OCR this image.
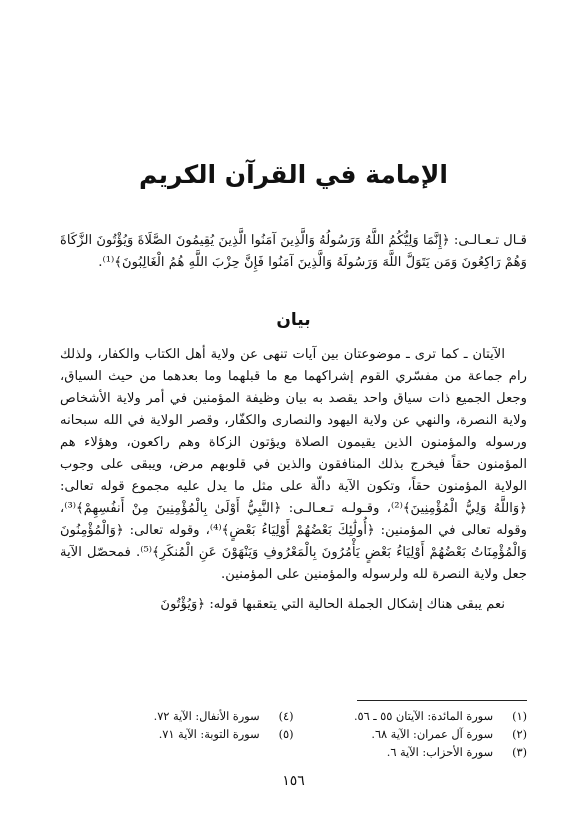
الإمامة في القرآن الكريم
قـال تـعـالـى: ﴿إِنَّمَا وَلِيُّكُمُ اللَّهُ وَرَسُولُهُ وَالَّذِينَ آمَنُوا الَّذِينَ يُقِيمُونَ الصَّلَاةَ وَيُؤْتُونَ الزَّكَاةَ وَهُمْ رَاكِعُونَ وَمَن يَتَوَلَّ اللَّهَ وَرَسُولَهُ وَالَّذِينَ آمَنُوا فَإِنَّ حِزْبَ اللَّهِ هُمُ الْغَالِبُونَ﴾⁽¹⁾.
بيان

الآيتان ـ كما ترى ـ موضوعتان بين آيات تنهى عن ولاية أهل الكتاب والكفار، ولذلك رام جماعة من مفسّري القوم إشراكهما مع ما قبلهما وما بعدهما من حيث السياق، وجعل الجميع ذات سياق واحد يقصد به بيان وظيفة المؤمنين في أمر ولاية الأشخاص ولاية النصرة، والنهي عن ولاية اليهود والنصارى والكفّار، وقصر الولاية في الله سبحانه ورسوله والمؤمنون الذين يقيمون الصلاة ويؤتون الزكاة وهم راكعون، وهؤلاء هم المؤمنون حقاً فيخرج بذلك المنافقون والذين في قلوبهم مرض، ويبقى على وجوب الولاية المؤمنون حقاً، وتكون الآية دالّة على مثل ما يدل عليه مجموع قوله تعالى: ﴿وَاللَّهُ وَلِيُّ الْمُؤْمِنِينَ﴾⁽²⁾، وقـولـه تـعـالـى: ﴿النَّبِيُّ أَوْلَىٰ بِالْمُؤْمِنِينَ مِنْ أَنفُسِهِمْ﴾⁽³⁾، وقوله تعالى في المؤمنين: ﴿أُولَٰئِكَ بَعْضُهُمْ أَوْلِيَاءُ بَعْضٍ﴾⁽⁴⁾، وقوله تعالى: ﴿وَالْمُؤْمِنُونَ وَالْمُؤْمِنَاتُ بَعْضُهُمْ أَوْلِيَاءُ بَعْضٍ يَأْمُرُونَ بِالْمَعْرُوفِ وَيَنْهَوْنَ عَنِ الْمُنكَرِ﴾⁽⁵⁾. فمحصّل الآية جعل ولاية النصرة لله ولرسوله والمؤمنين على المؤمنين.

نعم يبقى هناك إشكال الجملة الحالية التي يتعقبها قوله: ﴿وَيُؤْتُونَ

(١)
سورة المائدة: الآيتان ٥٥ ـ ٥٦.
(٢)
سورة آل عمران: الآية ٦٨.
(٣)
سورة الأحزاب: الآية ٦.
(٤)
سورة الأنفال: الآية ٧٢.
(٥)
سورة التوبة: الآية ٧١.
١٥٦
